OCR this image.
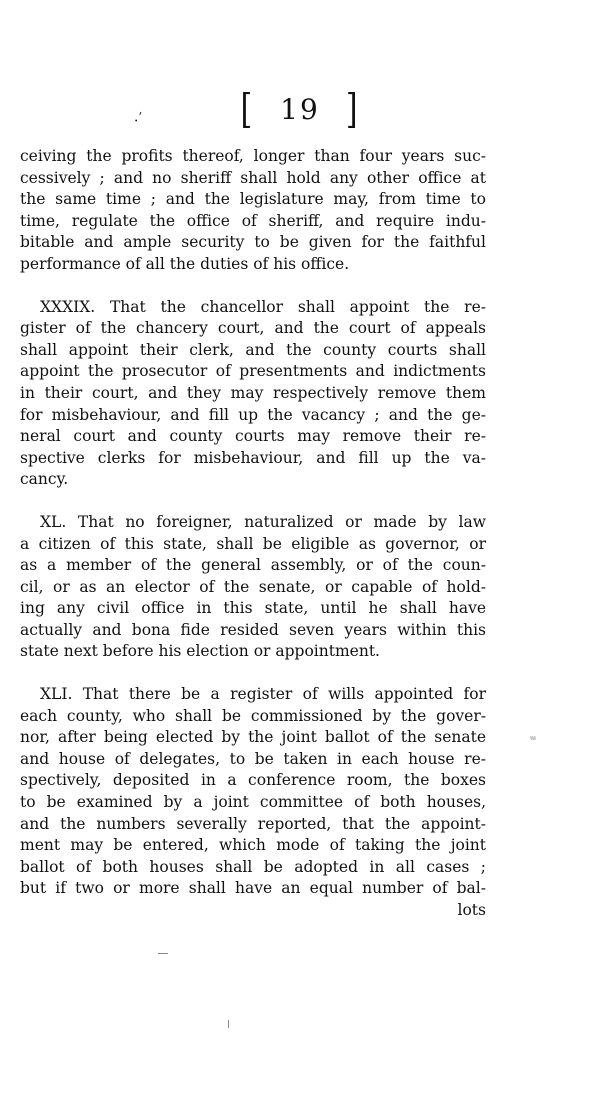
·´	[ 19 ]
ceiving the profits thereof, longer than four years suc-
cessively ; and no sheriff shall hold any other office at
the same time ; and the legislature may, from time to
time, regulate the office of sheriff, and require indu-
bitable and ample security to be given for the faithful
performance of all the duties of his office.
XXXIX. That the chancellor shall appoint the re-
gister of the chancery court, and the court of appeals
shall appoint their clerk, and the county courts shall
appoint the prosecutor of presentments and indictments
in their court, and they may respectively remove them
for misbehaviour, and fill up the vacancy ; and the ge-
neral court and county courts may remove their re-
spective clerks for misbehaviour, and fill up the va-
cancy.
XL. That no foreigner, naturalized or made by law
a citizen of this state, shall be eligible as governor, or
as a member of the general assembly, or of the coun-
cil, or as an elector of the senate, or capable of hold-
ing any civil office in this state, until he shall have
actually and bona fide resided seven years within this
state next before his election or appointment.
XLI. That there be a register of wills appointed for
each county, who shall be commissioned by the gover-
nor, after being elected by the joint ballot of the senate
and house of delegates, to be taken in each house re-
spectively, deposited in a conference room, the boxes
to be examined by a joint committee of both houses,
and the numbers severally reported, that the appoint-
ment may be entered, which mode of taking the joint
ballot of both houses shall be adopted in all cases ;
but if two or more shall have an equal number of bal-
lots
ᵚ
